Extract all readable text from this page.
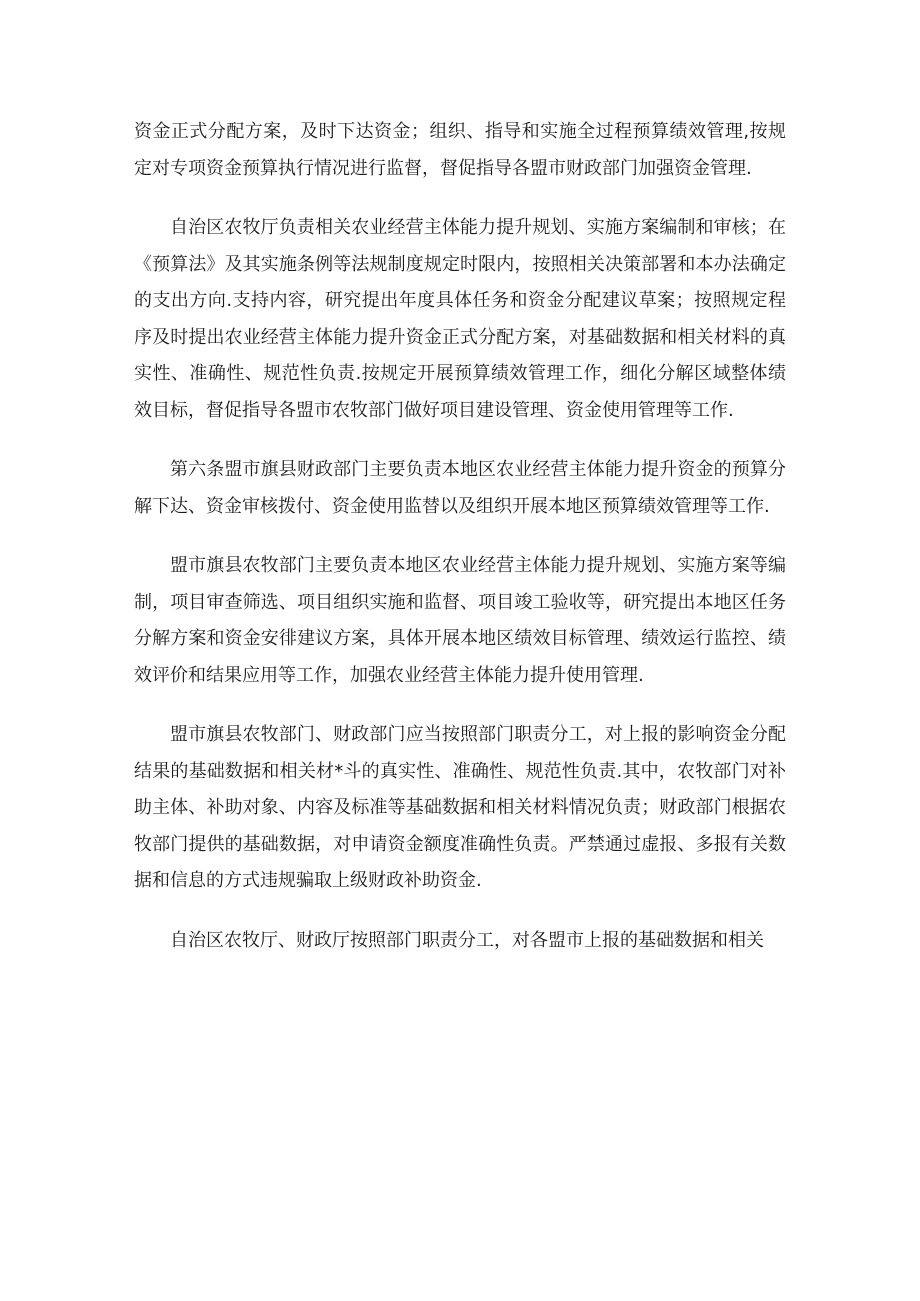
资金正式分配方案，及时下达资金；组织、指导和实施全过程预算绩效管理,按规定对专项资金预算执行情况进行监督，督促指导各盟市财政部门加强资金管理.

自治区农牧厅负责相关农业经营主体能力提升规划、实施方案编制和审核；在《预算法》及其实施条例等法规制度规定时限内，按照相关决策部署和本办法确定的支出方向.支持内容，研究提出年度具体任务和资金分配建议草案；按照规定程序及时提出农业经营主体能力提升资金正式分配方案，对基础数据和相关材料的真实性、准确性、规范性负责.按规定开展预算绩效管理工作，细化分解区域整体绩效目标，督促指导各盟市农牧部门做好项目建设管理、资金使用管理等工作.

第六条盟市旗县财政部门主要负责本地区农业经营主体能力提升资金的预算分解下达、资金审核拨付、资金使用监替以及组织开展本地区预算绩效管理等工作.

盟市旗县农牧部门主要负责本地区农业经营主体能力提升规划、实施方案等编制，项目审查筛选、项目组织实施和监督、项目竣工验收等，研究提出本地区任务分解方案和资金安徘建议方案，具体开展本地区绩效目标管理、绩效运行监控、绩效评价和结果应用等工作，加强农业经营主体能力提升使用管理.

盟市旗县农牧部门、财政部门应当按照部门职责分工，对上报的影响资金分配结果的基础数据和相关材*斗的真实性、准确性、规范性负责.其中，农牧部门对补助主体、补助对象、内容及标准等基础数据和相关材料情况负责；财政部门根据农牧部门提供的基础数据，对申请资金额度准确性负责。严禁通过虚报、多报有关数据和信息的方式违规骗取上级财政补助资金.

自治区农牧厅、财政厅按照部门职责分工，对各盟市上报的基础数据和相关
